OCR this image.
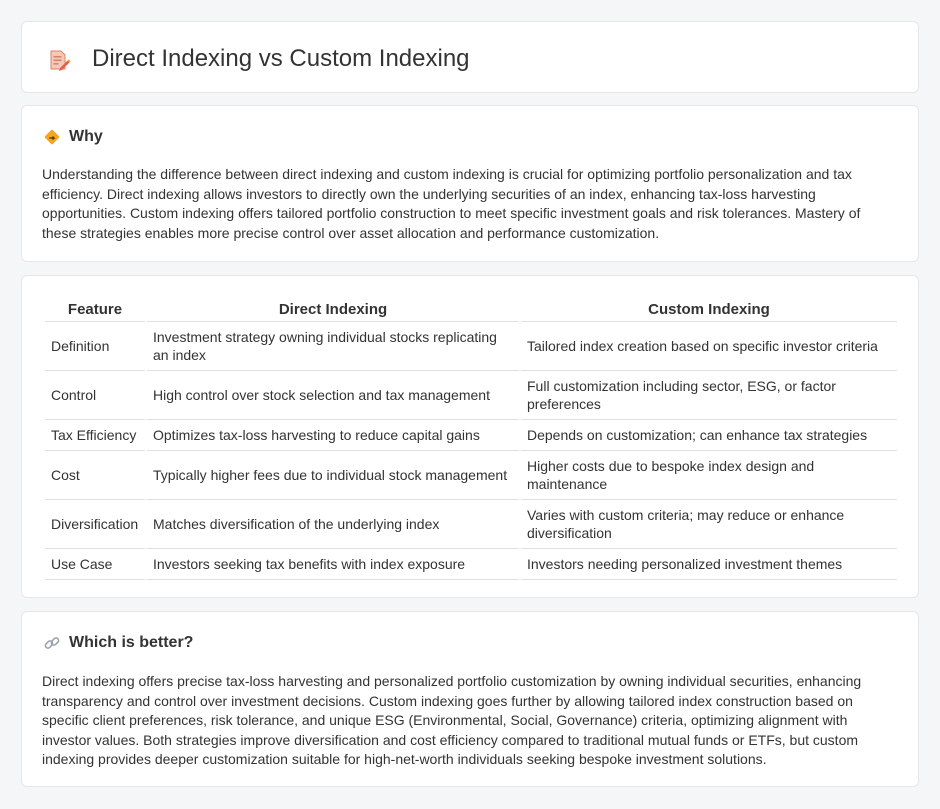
Direct Indexing vs Custom Indexing
Why

Understanding the difference between direct indexing and custom indexing is crucial for optimizing portfolio personalization and tax efficiency. Direct indexing allows investors to directly own the underlying securities of an index, enhancing tax-loss harvesting opportunities. Custom indexing offers tailored portfolio construction to meet specific investment goals and risk tolerances. Mastery of these strategies enables more precise control over asset allocation and performance customization.

Feature	Direct Indexing	Custom Indexing
Definition	Investment strategy owning individual stocks replicating an index	Tailored index creation based on specific investor criteria
Control	High control over stock selection and tax management	Full customization including sector, ESG, or factor preferences
Tax Efficiency	Optimizes tax-loss harvesting to reduce capital gains	Depends on customization; can enhance tax strategies
Cost	Typically higher fees due to individual stock management	Higher costs due to bespoke index design and maintenance
Diversification	Matches diversification of the underlying index	Varies with custom criteria; may reduce or enhance diversification
Use Case	Investors seeking tax benefits with index exposure	Investors needing personalized investment themes
Which is better?

Direct indexing offers precise tax-loss harvesting and personalized portfolio customization by owning individual securities, enhancing transparency and control over investment decisions. Custom indexing goes further by allowing tailored index construction based on specific client preferences, risk tolerance, and unique ESG (Environmental, Social, Governance) criteria, optimizing alignment with investor values. Both strategies improve diversification and cost efficiency compared to traditional mutual funds or ETFs, but custom indexing provides deeper customization suitable for high-net-worth individuals seeking bespoke investment solutions.
